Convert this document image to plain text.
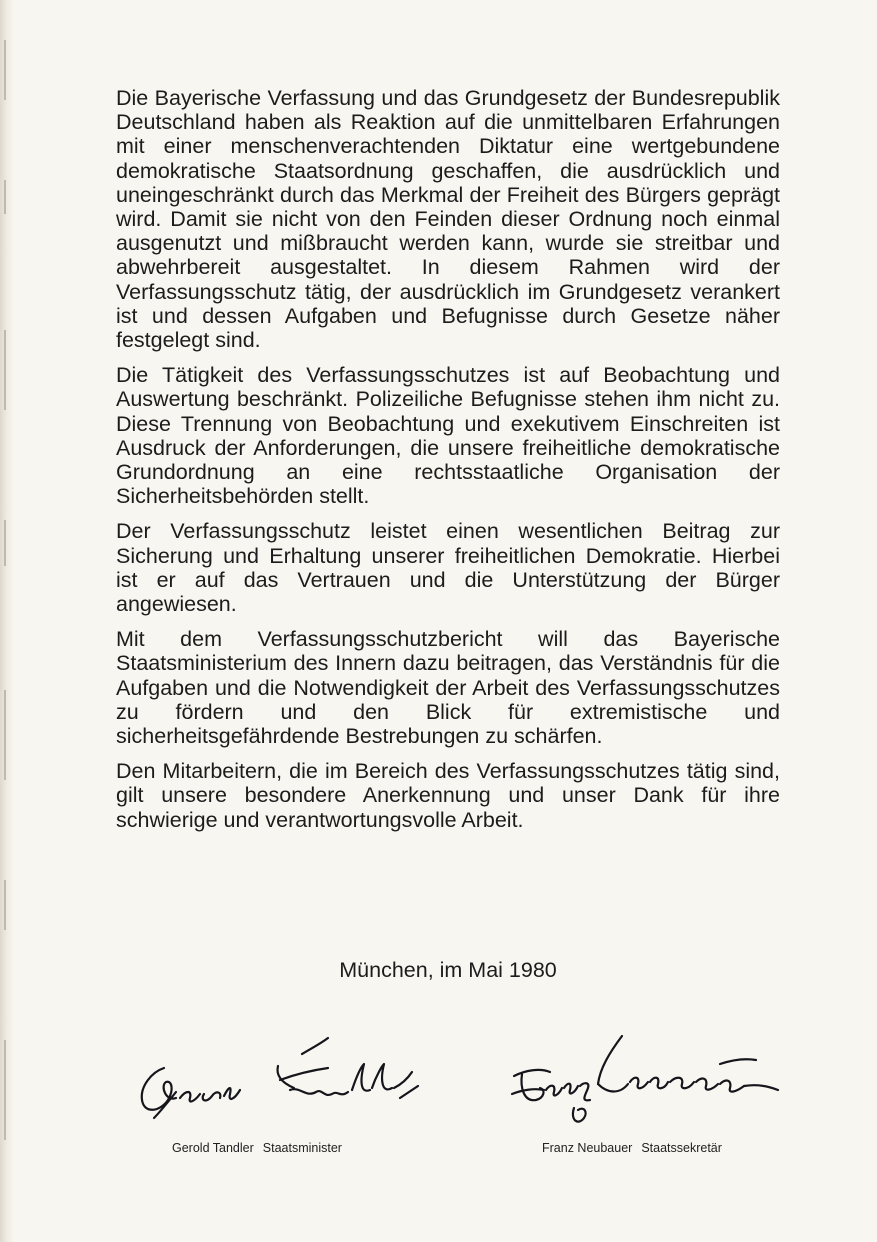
Die Bayerische Verfassung und das Grundgesetz der Bundesrepublik Deutschland haben als Reaktion auf die unmittelbaren Erfahrungen mit einer menschenverachtenden Diktatur eine wertgebundene demokratische Staatsordnung geschaffen, die ausdrücklich und uneingeschränkt durch das Merkmal der Freiheit des Bürgers geprägt wird. Damit sie nicht von den Feinden dieser Ordnung noch einmal ausgenutzt und mißbraucht werden kann, wurde sie streitbar und abwehrbereit ausgestaltet. In diesem Rahmen wird der Verfassungsschutz tätig, der ausdrücklich im Grundgesetz verankert ist und dessen Aufgaben und Befugnisse durch Gesetze näher festgelegt sind.

Die Tätigkeit des Verfassungsschutzes ist auf Beobachtung und Auswertung beschränkt. Polizeiliche Befugnisse stehen ihm nicht zu. Diese Trennung von Beobachtung und exekutivem Einschreiten ist Ausdruck der Anforderungen, die unsere freiheitliche demokratische Grundordnung an eine rechtsstaatliche Organisation der Sicherheitsbehörden stellt.

Der Verfassungsschutz leistet einen wesentlichen Beitrag zur Sicherung und Erhaltung unserer freiheitlichen Demokratie. Hierbei ist er auf das Vertrauen und die Unterstützung der Bürger angewiesen.

Mit dem Verfassungsschutzbericht will das Bayerische Staatsministerium des Innern dazu beitragen, das Verständnis für die Aufgaben und die Notwendigkeit der Arbeit des Verfassungsschutzes zu fördern und den Blick für extremistische und sicherheitsgefährdende Bestrebungen zu schärfen.

Den Mitarbeitern, die im Bereich des Verfassungsschutzes tätig sind, gilt unsere besondere Anerkennung und unser Dank für ihre schwierige und verantwortungsvolle Arbeit.

München, im Mai 1980
Gerold Tandler Staatsminister	Franz Neubauer Staatssekretär
